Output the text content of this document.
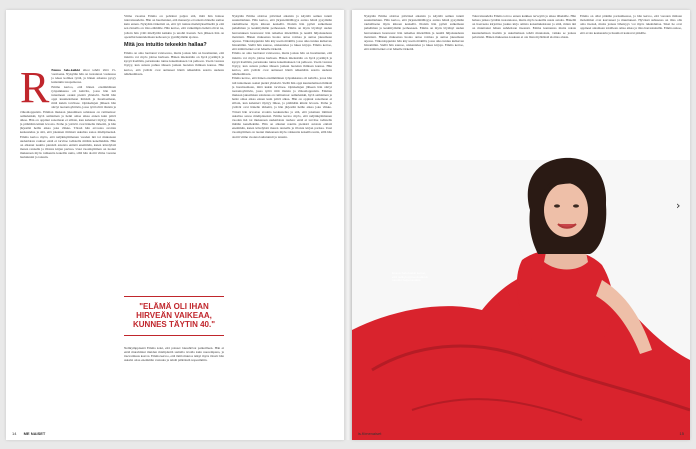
R Emma Salo-kaikki alkoi tehdä töitä 15-vuotiaana. Nykyään hän on tuotannon vastuussa ja tekee kolmea työtä, ja hänen arkensa pysyy kuitenkin tasapainossa.

Emma kertoo, että hänen ensimmäinen työpaikkansa oli kahvila, jossa hän tuli tunteineen osaksi pientä yhteisöä. Siellä hän oppi kuuntelemaan ihmisiä ja huomaamaan, mitä kukin tarvitsee. Opiskelujen jälkeen hän siirtyi tuotantoyhtiöön, jossa työtä riitti iltaisin ja viikonloppuisin. Emman mukaan jaksamisen salaisuus on rutiineissa: aamulenkki, hyvä aamiainen ja hetki omaa aikaa ennen kuin päivä alkaa. Hän on oppinut sanomaan ei silloin, kun kalenteri täyttyy liikaa, ja pitämään kiinni levosta. Perhe ja ystävät ovat hänelle tärkeitä, ja hän järjestää heille aikaa joka viikko. Töissä hän arvostaa avointa keskustelua ja sitä, että jokainen tiimissä uskaltaa sanoa mielipiteensä. Emma kertoo myös, että neljänkymmenen vuoden ikä toi mukanaan uudenlaista rauhaa: enää ei tarvitse todistella mitään kenellekään. Hän on alkanut nauttia pienistä asioista entistä enemmän, kuten kävelyistä meren rannalla ja illoista kirjan parissa. Uusi vuosikymmen on tuonut mukanaan myös rohkeutta kokeilla uutta, sillä hän aloitti viime vuonna laulutunnit ja tanssin.

Viime vuosina Emma on pohtinut paljon sitä, mitä hän haluaa tulevaisuudelta. Hän on huomannut, että menestys ei tarkoita hänelle samaa kuin ennen. Nykyään tärkeintä on, että työ tuntuu merkitykselliseltä ja että sen rinnalla on tilaa elämälle. Hän kertoo, että vaikeimpia hetkiä olivat ne, jolloin hän yritti miellyttää kaikkia ja unohti itsensä. Sen jälkeen hän on opetellut kuuntelemaan kehoaan ja pysähtymään ajoissa.

Mitä jos intuitio tekeekin hallaa?

Emma on aina luottanut vaistoonsa, mutta joskus hän on huomannut, että intuitio voi myös johtaa harhaan. Hänen mielestään on hyvä pysähtyä ja kysyä itseltään, perustuuko tunne kokemukseen vai pelkoon. Usein vastaus löytyy, kun asiasta puhuu ääneen jonkun luotetun ihmisen kanssa. Hän kertoo, että ystävät ovat auttaneet häntä näkemään asioita uudesta näkökulmasta.

"ELÄMÄ OLI IHAN HIRVEÄN VAIKEAA, KUNNES TÄYTIN 40."

Nelikymppisenä Emma koki, että palaset loksahtivat paikoilleen. Hän ei enää murehtinut muiden mielipiteitä samalla tavalla kuin nuorempana, ja itsevarmuus kasvoi. Emma kertoo, että tämä muutos näkyi myös töissä: hän uskalsi ottaa enemmän vastuuta ja tehdä päätöksiä nopeammin.

Nykyään Emma aloittaa päivänsä aikaisin ja käyttää aamun tunnit suunnitteluun. Hän kertoo, että järjestelmällisyys auttaa häntä pysymään rauhallisena myös kiireen keskellä. Iltaisin hän pyrkii sulkemaan puhelimen ja keskittymään perheeseen. Emma on myös löytänyt uuden harrastuksen luonnosta: hän retkeilee mielellään ja nauttii hiljaisuudesta metsässä. Hänen mukaansa luonto antaa voimaa ja auttaa jaksamaan arjessa. Viikonloppuisin hän käy usein mökillä, jossa aika tuntuu kulkevan hitaammin. Siellä hän saunoo, uiskentelee ja lukee kirjoja. Emma kertoo, että nämä hetket ovat hänelle tärkeitä.

Emma on aina luottanut vaistoonsa, mutta joskus hän on huomannut, että intuitio voi myös johtaa harhaan. Hänen mielestään on hyvä pysähtyä ja kysyä itseltään, perustuuko tunne kokemukseen vai pelkoon. Usein vastaus löytyy, kun asiasta puhuu ääneen jonkun luotetun ihmisen kanssa. Hän kertoo, että ystävät ovat auttaneet häntä näkemään asioita uudesta näkökulmasta.

Emma kertoo, että hänen ensimmäinen työpaikkansa oli kahvila, jossa hän tuli tunteineen osaksi pientä yhteisöä. Siellä hän oppi kuuntelemaan ihmisiä ja huomaamaan, mitä kukin tarvitsee. Opiskelujen jälkeen hän siirtyi tuotantoyhtiöön, jossa työtä riitti iltaisin ja viikonloppuisin. Emman mukaan jaksamisen salaisuus on rutiineissa: aamulenkki, hyvä aamiainen ja hetki omaa aikaa ennen kuin päivä alkaa. Hän on oppinut sanomaan ei silloin, kun kalenteri täyttyy liikaa, ja pitämään kiinni levosta. Perhe ja ystävät ovat hänelle tärkeitä, ja hän järjestää heille aikaa joka viikko. Töissä hän arvostaa avointa keskustelua ja sitä, että jokainen tiimissä uskaltaa sanoa mielipiteensä. Emma kertoo myös, että neljänkymmenen vuoden ikä toi mukanaan uudenlaista rauhaa: enää ei tarvitse todistella mitään kenellekään. Hän on alkanut nauttia pienistä asioista entistä enemmän, kuten kävelyistä meren rannalla ja illoista kirjan parissa. Uusi vuosikymmen on tuonut mukanaan myös rohkeutta kokeilla uutta, sillä hän aloitti viime vuonna laulutunnit ja tanssin.

14 ME NAISET

Nykyään Emma aloittaa päivänsä aikaisin ja käyttää aamun tunnit suunnitteluun. Hän kertoo, että järjestelmällisyys auttaa häntä pysymään rauhallisena myös kiireen keskellä. Iltaisin hän pyrkii sulkemaan puhelimen ja keskittymään perheeseen. Emma on myös löytänyt uuden harrastuksen luonnosta: hän retkeilee mielellään ja nauttii hiljaisuudesta metsässä. Hänen mukaansa luonto antaa voimaa ja auttaa jaksamaan arjessa. Viikonloppuisin hän käy usein mökillä, jossa aika tuntuu kulkevan hitaammin. Siellä hän saunoo, uiskentelee ja lukee kirjoja. Emma kertoo, että nämä hetket ovat hänelle tärkeitä.

Tulevaisuudelta Emma toivoo ennen kaikkea terveyttä ja aikaa läheisille. Hän haluaa jatkaa työtään tuotannossa, mutta myös kokeilla uusia asioita. Hänellä on haaveena kirjoittaa joskus kirja omista kokemuksistaan ja siitä, miten ikä on muuttanut hänen suhdettaan itseensä. Emma kannustaa muita naisia kuuntelemaan itseään ja uskaltamaan tehdä muutoksia, vaikka se joskus pelottaisi. Hänen mukaansa koskaan ei ole liian myöhäistä aloittaa alusta.

Emma on ollut pitkään parisuhteessa, ja hän kertoo, että vuosien mittaan molemmat ovat kasvaneet ja muuttuneet. Hyvässä suhteessa on tilaa olla oma itsensä, mutta joskus läheisyys voi myös tukahduttaa. Siksi he ovat oppineet antamaan toisilleen omaa aikaa ja tilaa harrastuksille. Emma uskoo, että avoin keskustelu ja huumori kantavat pitkälle.

Emma Salo-kaikki kertoo, että nelikymppisenä elämä muuttui helpommaksi.
is.fi/menaiset	15
›
